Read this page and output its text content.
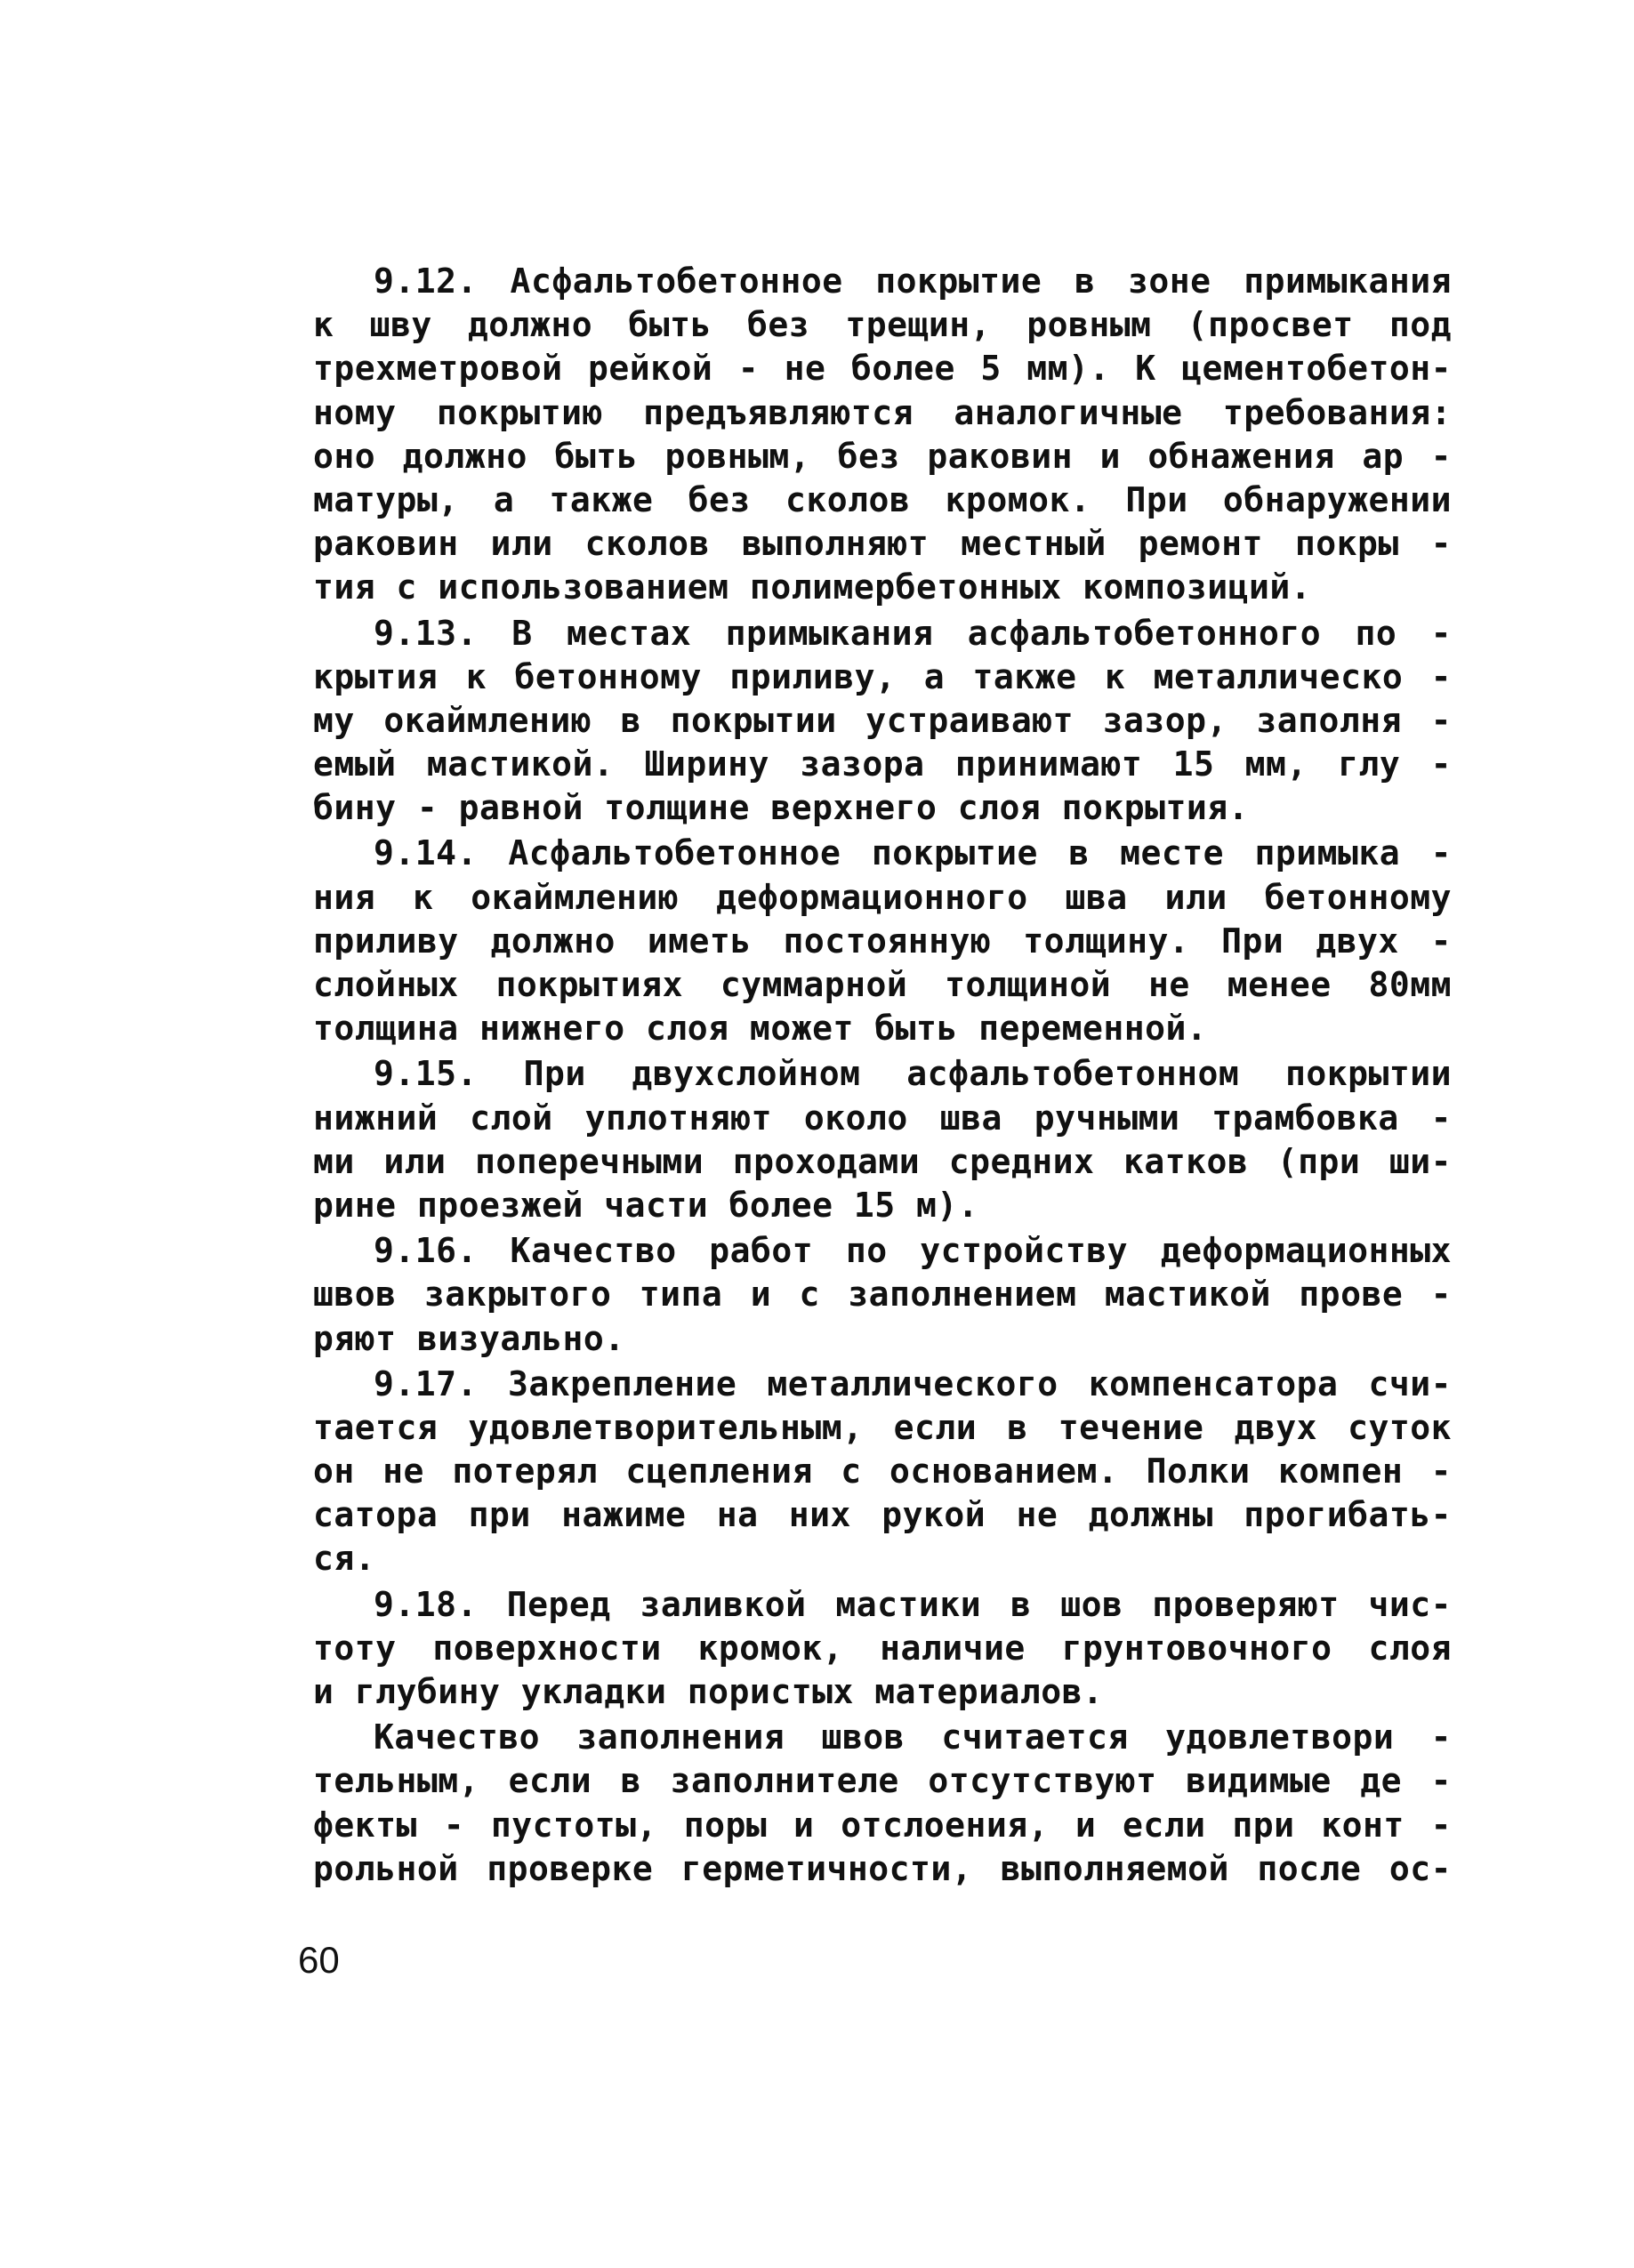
9.12. Асфальтобетонное покрытие в зоне примыкания
к шву должно быть без трещин, ровным (просвет под
трехметровой рейкой - не более 5 мм). К цементобетон-
ному покрытию предъявляются аналогичные требования:
оно должно быть ровным, без раковин и обнажения ар -
матуры, а также без сколов кромок. При обнаружении
раковин или сколов выполняют местный ремонт покры -
тия с использованием полимербетонных композиций.
9.13. В местах примыкания асфальтобетонного по -
крытия к бетонному приливу, а также к металлическо -
му окаймлению в покрытии устраивают зазор, заполня -
емый мастикой. Ширину зазора принимают 15 мм, глу -
бину - равной толщине верхнего слоя покрытия.
9.14. Асфальтобетонное покрытие в месте примыка -
ния к окаймлению деформационного шва или бетонному
приливу должно иметь постоянную толщину. При двух -
слойных покрытиях суммарной толщиной не менее 80мм
толщина нижнего слоя может быть переменной.
9.15. При двухслойном асфальтобетонном покрытии
нижний слой уплотняют около шва ручными трамбовка -
ми или поперечными проходами средних катков (при ши-
рине проезжей части более 15 м).
9.16. Качество работ по устройству деформационных
швов закрытого типа и с заполнением мастикой прове -
ряют визуально.
9.17. Закрепление металлического компенсатора счи-
тается удовлетворительным, если в течение двух суток
он не потерял сцепления с основанием. Полки компен -
сатора при нажиме на них рукой не должны прогибать-
ся.
9.18. Перед заливкой мастики в шов проверяют чис-
тоту поверхности кромок, наличие грунтовочного слоя
и глубину укладки пористых материалов.
Качество заполнения швов считается удовлетвори -
тельным, если в заполнителе отсутствуют видимые де -
фекты - пустоты, поры и отслоения, и если при конт -
рольной проверке герметичности, выполняемой после ос-
60
